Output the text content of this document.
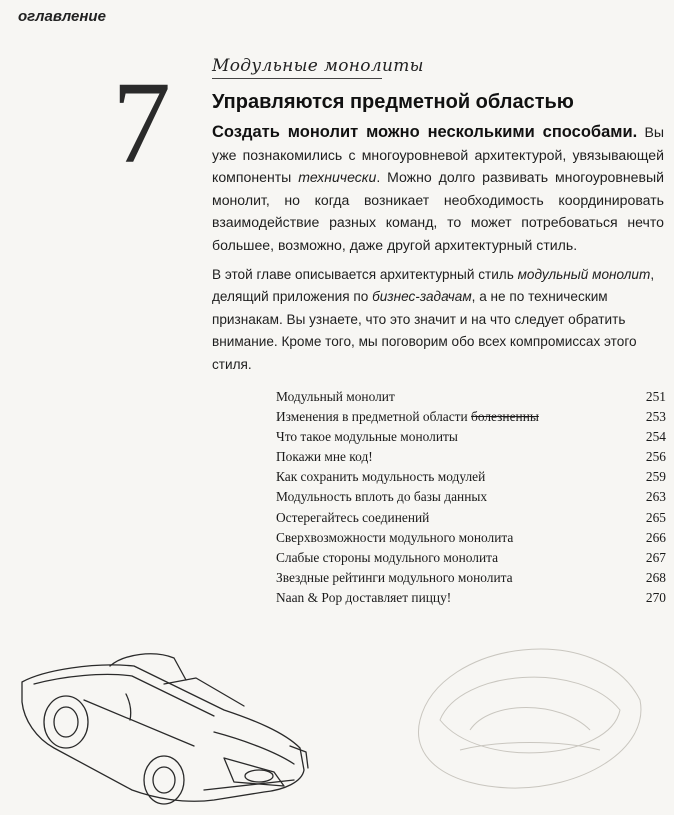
оглавление
7 Модульные монолиты
Управляются предметной областью

Создать монолит можно несколькими способами. Вы уже познакомились с многоуровневой архитектурой, увязывающей компоненты технически. Можно долго развивать многоуровневый монолит, но когда возникает необходимость координировать взаимодействие разных команд, то может потребоваться нечто большее, возможно, даже другой архитектурный стиль.

В этой главе описывается архитектурный стиль модульный монолит, делящий приложения по бизнес-задачам, а не по техническим признакам. Вы узнаете, что это значит и на что следует обратить внимание. Кроме того, мы поговорим обо всех компромиссах этого стиля.

Модульный монолит	251
Изменения в предметной области болезненны	253
Что такое модульные монолиты	254
Покажи мне код!	256
Как сохранить модульность модулей	259
Модульность вплоть до базы данных	263
Остерегайтесь соединений	265
Сверхвозможности модульного монолита	266
Слабые стороны модульного монолита	267
Звездные рейтинги модульного монолита	268
Naan & Pop доставляет пиццу!	270
